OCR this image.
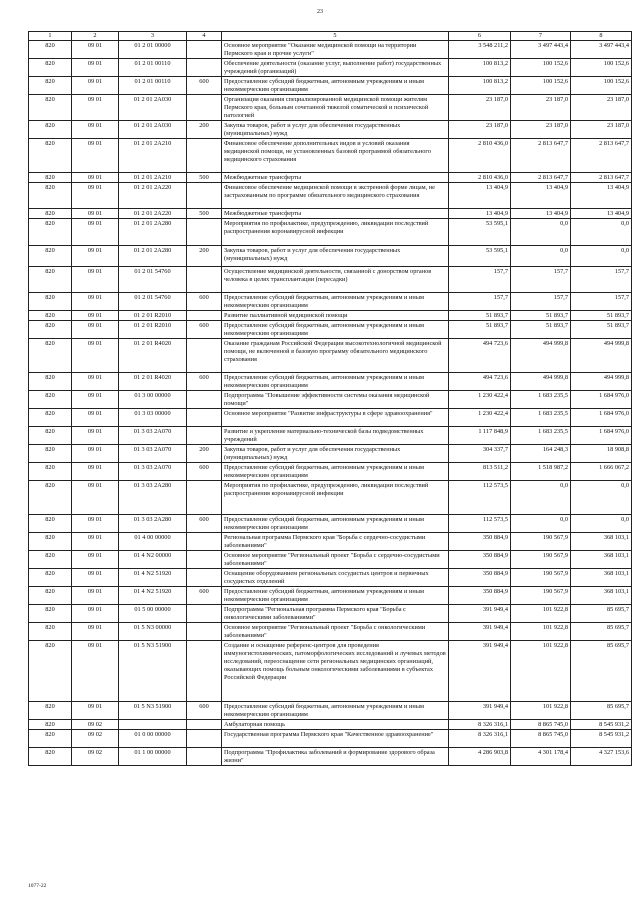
23
1	2	3	4	5	6	7	8
820	09 01	01 2 01 00000		Основное мероприятие "Оказание медицинской помощи на территории Пермского края и прочие услуги"	3 548 211,2	3 497 443,4	3 497 443,4
820	09 01	01 2 01 00110		Обеспечение деятельности (оказание услуг, выполнение работ) государственных учреждений (организаций)	100 813,2	100 152,6	100 152,6
820	09 01	01 2 01 00110	600	Предоставление субсидий бюджетным, автономным учреждениям и иным некоммерческим организациям	100 813,2	100 152,6	100 152,6
820	09 01	01 2 01 2A030		Организация оказания специализированной медицинской помощи жителям Пермского края, больным сочетанной тяжелой соматической и психической патологией	23 187,0	23 187,0	23 187,0
820	09 01	01 2 01 2A030	200	Закупка товаров, работ и услуг для обеспечения государственных (муниципальных) нужд	23 187,0	23 187,0	23 187,0
820	09 01	01 2 01 2A210		Финансовое обеспечение дополнительных видов и условий оказания медицинской помощи, не установленных базовой программой обязательного медицинского страхования	2 810 436,0	2 813 647,7	2 813 647,7
820	09 01	01 2 01 2A210	500	Межбюджетные трансферты	2 810 436,0	2 813 647,7	2 813 647,7
820	09 01	01 2 01 2A220		Финансовое обеспечение медицинской помощи в экстренной форме лицам, не застрахованным по программе обязательного медицинского страхования	13 404,9	13 404,9	13 404,9
820	09 01	01 2 01 2A220	500	Межбюджетные трансферты	13 404,9	13 404,9	13 404,9
820	09 01	01 2 01 2A280		Мероприятия по профилактике, предупреждению, ликвидации последствий распространения коронавирусной инфекции	53 595,1	0,0	0,0
820	09 01	01 2 01 2A280	200	Закупка товаров, работ и услуг для обеспечения государственных (муниципальных) нужд	53 595,1	0,0	0,0
820	09 01	01 2 01 54760		Осуществление медицинской деятельности, связанной с донорством органов человека в целях трансплантации (пересадки)	157,7	157,7	157,7
820	09 01	01 2 01 54760	600	Предоставление субсидий бюджетным, автономным учреждениям и иным некоммерческим организациям	157,7	157,7	157,7
820	09 01	01 2 01 R2010		Развитие паллиативной медицинской помощи	51 893,7	51 893,7	51 893,7
820	09 01	01 2 01 R2010	600	Предоставление субсидий бюджетным, автономным учреждениям и иным некоммерческим организациям	51 893,7	51 893,7	51 893,7
820	09 01	01 2 01 R4020		Оказание гражданам Российской Федерации высокотехнологичной медицинской помощи, не включенной в базовую программу обязательного медицинского страхования	494 723,6	494 999,8	494 999,8
820	09 01	01 2 01 R4020	600	Предоставление субсидий бюджетным, автономным учреждениям и иным некоммерческим организациям	494 723,6	494 999,8	494 999,8
820	09 01	01 3 00 00000		Подпрограмма "Повышение эффективности системы оказания медицинской помощи"	1 230 422,4	1 683 235,5	1 684 976,0
820	09 01	01 3 03 00000		Основное мероприятие "Развитие инфраструктуры в сфере здравоохранения"	1 230 422,4	1 683 235,5	1 684 976,0
820	09 01	01 3 03 2A070		Развитие и укрепление материально-технической базы подведомственных учреждений	1 117 848,9	1 683 235,5	1 684 976,0
820	09 01	01 3 03 2A070	200	Закупка товаров, работ и услуг для обеспечения государственных (муниципальных) нужд	304 337,7	164 248,3	18 908,8
820	09 01	01 3 03 2A070	600	Предоставление субсидий бюджетным, автономным учреждениям и иным некоммерческим организациям	813 511,2	1 518 987,2	1 666 067,2
820	09 01	01 3 03 2A280		Мероприятия по профилактике, предупреждению, ликвидации последствий распространения коронавирусной инфекции	112 573,5	0,0	0,0
820	09 01	01 3 03 2A280	600	Предоставление субсидий бюджетным, автономным учреждениям и иным некоммерческим организациям	112 573,5	0,0	0,0
820	09 01	01 4 00 00000		Региональная программа Пермского края "Борьба с сердечно-сосудистыми заболеваниями"	350 884,9	190 567,9	368 103,1
820	09 01	01 4 N2 00000		Основное мероприятие "Региональный проект "Борьба с сердечно-сосудистыми заболеваниями"	350 884,9	190 567,9	368 103,1
820	09 01	01 4 N2 51920		Оснащение оборудованием региональных сосудистых центров и первичных сосудистых отделений	350 884,9	190 567,9	368 103,1
820	09 01	01 4 N2 51920	600	Предоставление субсидий бюджетным, автономным учреждениям и иным некоммерческим организациям	350 884,9	190 567,9	368 103,1
820	09 01	01 5 00 00000		Подпрограмма "Региональная программа Пермского края "Борьба с онкологическими заболеваниями"	391 949,4	101 922,8	85 695,7
820	09 01	01 5 N3 00000		Основное мероприятие "Региональный проект "Борьба с онкологическими заболеваниями"	391 949,4	101 922,8	85 695,7
820	09 01	01 5 N3 51900		Создание и оснащение референс-центров для проведения иммуногистохимических, патоморфологических исследований и лучевых методов исследований, переоснащение сети региональных медицинских организаций, оказывающих помощь больным онкологическими заболеваниями в субъектах Российской Федерации	391 949,4	101 922,8	85 695,7
820	09 01	01 5 N3 51900	600	Предоставление субсидий бюджетным, автономным учреждениям и иным некоммерческим организациям	391 949,4	101 922,8	85 695,7
820	09 02			Амбулаторная помощь	8 326 316,1	8 865 745,0	8 545 931,2
820	09 02	01 0 00 00000		Государственная программа Пермского края "Качественное здравоохранение"	8 326 316,1	8 865 745,0	8 545 931,2
820	09 02	01 1 00 00000		Подпрограмма "Профилактика заболеваний и формирование здорового образа жизни"	4 286 903,8	4 301 178,4	4 327 153,6
1077-22
